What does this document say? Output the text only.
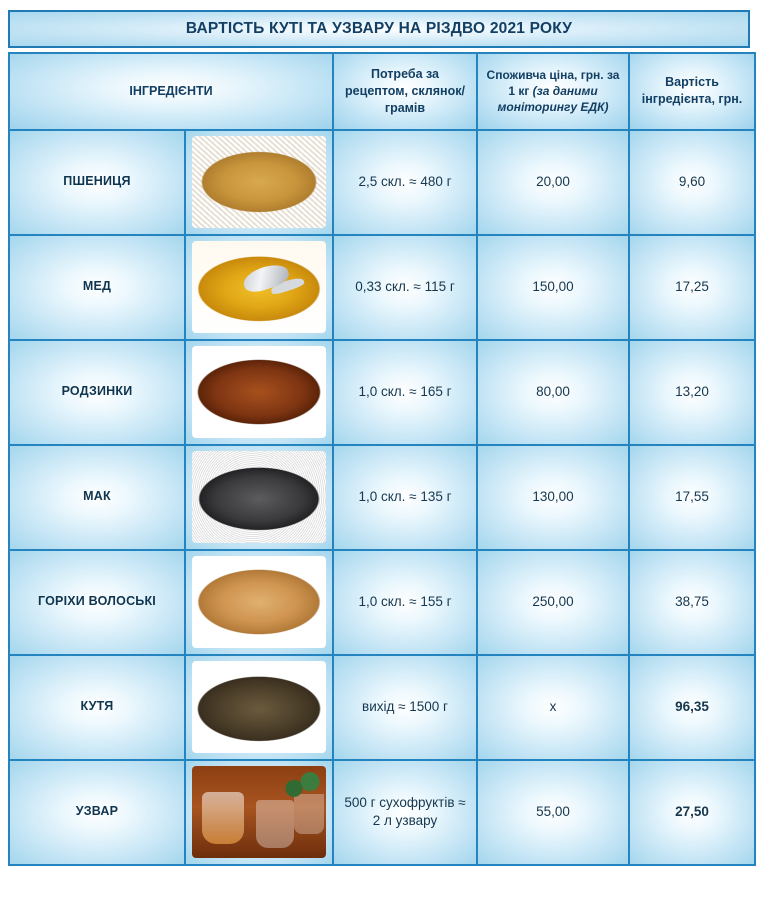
ВАРТІСТЬ КУТІ ТА УЗВАРУ НА РІЗДВО 2021 РОКУ
ІНГРЕДІЄНТИ		Потреба за рецептом, склянок/грамів	Споживча ціна, грн. за 1 кг (за даними моніторингу ЕДК)	Вартість інгредієнта, грн.

ПШЕНИЦЯ		2,5 скл. ≈ 480 г	20,00	9,60

МЕД		0,33 скл. ≈ 115 г	150,00	17,25

РОДЗИНКИ		1,0 скл. ≈ 165 г	80,00	13,20

МАК		1,0 скл. ≈ 135 г	130,00	17,55

ГОРІХИ ВОЛОСЬКІ		1,0 скл. ≈ 155 г	250,00	38,75

КУТЯ		вихід ≈ 1500 г	х	96,35

УЗВАР		500 г сухофруктів ≈ 2 л узвару	55,00	27,50
